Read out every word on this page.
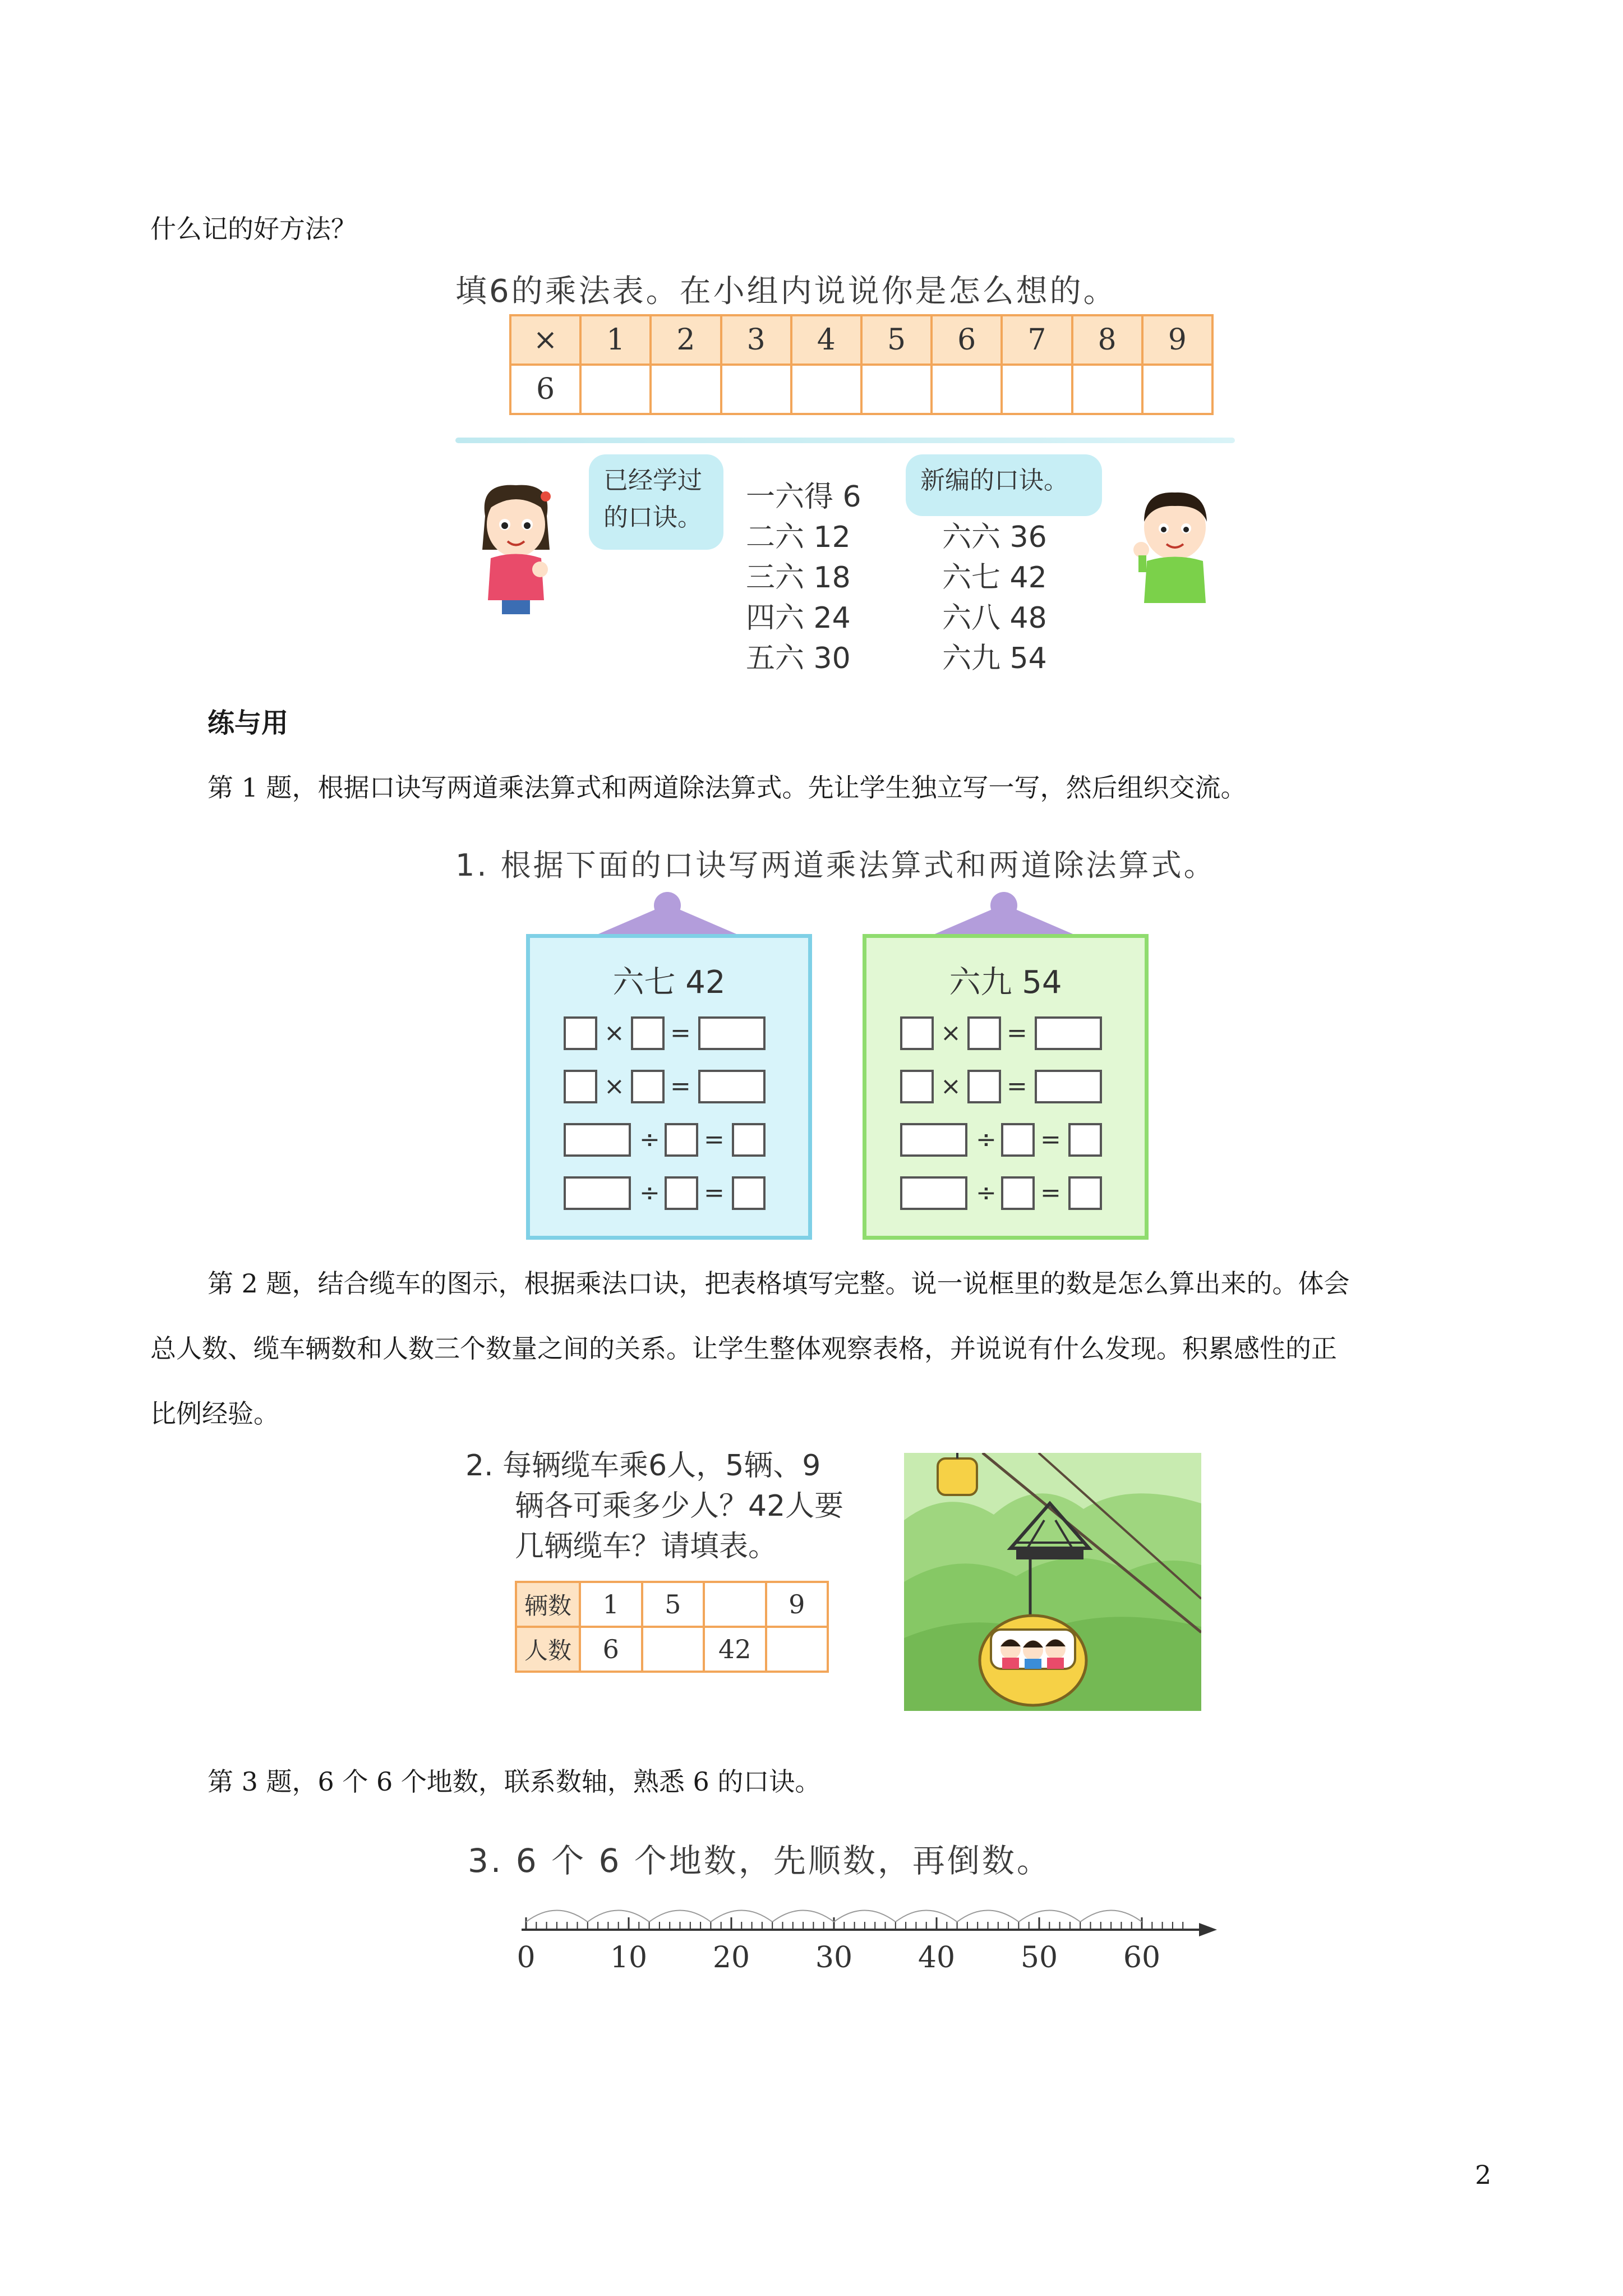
什么记的好方法？
填6的乘法表。在小组内说说你是怎么想的。
×	1	2	3	4	5	6	7	8	9
6									
已经学过的口诀。
一六得 6
二六 12
三六 18
四六 24
五六 30
新编的口诀。
六六 36
六七 42
六八 48
六九 54
练与用
第 1 题，根据口诀写两道乘法算式和两道除法算式。先让学生独立写一写，然后组织交流。
1. 根据下面的口诀写两道乘法算式和两道除法算式。
六七 42
× =
× =
÷ =
÷ =
六九 54
× =
× =
÷ =
÷ =
第 2 题，结合缆车的图示，根据乘法口诀，把表格填写完整。说一说框里的数是怎么算出来的。体会
总人数、缆车辆数和人数三个数量之间的关系。让学生整体观察表格，并说说有什么发现。积累感性的正
比例经验。
2. 每辆缆车乘6人，5辆、9
辆各可乘多少人？42人要
几辆缆车？请填表。
辆数	1	5		9
人数	6		42	
第 3 题，6 个 6 个地数，联系数轴，熟悉 6 的口诀。
3. 6 个 6 个地数，先顺数，再倒数。
0	10 20 30 40 50 60
2
